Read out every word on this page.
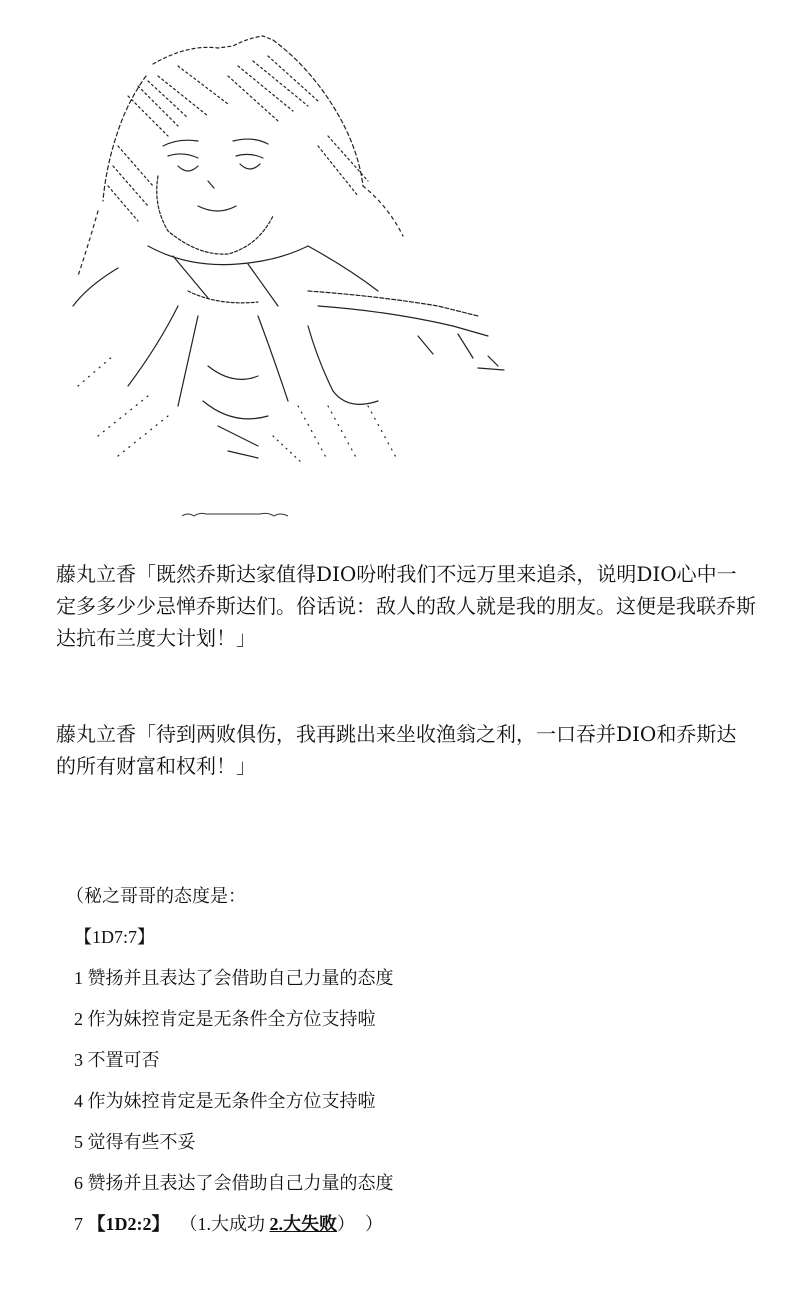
藤丸立香「既然乔斯达家值得DIO吩咐我们不远万里来追杀，说明DIO心中一定多多少少忌惮乔斯达们。俗话说：敌人的敌人就是我的朋友。这便是我联乔斯达抗布兰度大计划！」
藤丸立香「待到两败俱伤，我再跳出来坐收渔翁之利，一口吞并DIO和乔斯达的所有财富和权利！」
（秘之哥哥的态度是：
【1D7:7】
1 赞扬并且表达了会借助自己力量的态度
2 作为妹控肯定是无条件全方位支持啦
3 不置可否
4 作为妹控肯定是无条件全方位支持啦
5 觉得有些不妥
6 赞扬并且表达了会借助自己力量的态度
7 【1D2:2】 （1.大成功 2.大失败） ）
